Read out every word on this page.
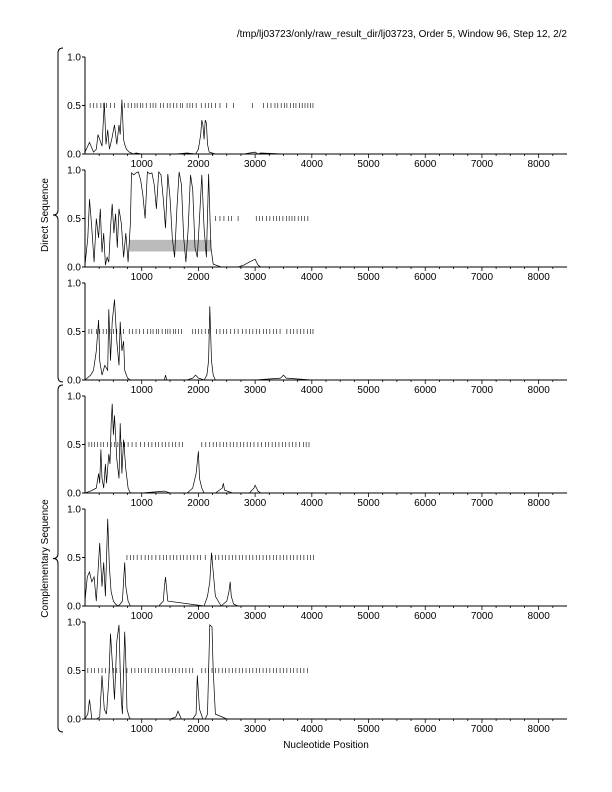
/tmp/lj03723/only/raw_result_dir/lj03723, Order 5, Window 96, Step 12, 2/2
0.0
0.5
1.0
1000	2000	3000	4000	5000	6000	7000	8000
0.0
0.5
1.0
1000	2000	3000	4000	5000	6000	7000	8000
0.0
0.5
1.0
1000	2000	3000	4000	5000	6000	7000	8000
0.0
0.5
1.0
1000	2000	3000	4000	5000	6000	7000	8000
0.0
0.5
1.0
1000	2000	3000	4000	5000	6000	7000	8000
0.0
0.5
1.0
1000	2000	3000	4000	5000	6000	7000	8000
Nucleotide Position
Direct Sequence
Complementary Sequence
